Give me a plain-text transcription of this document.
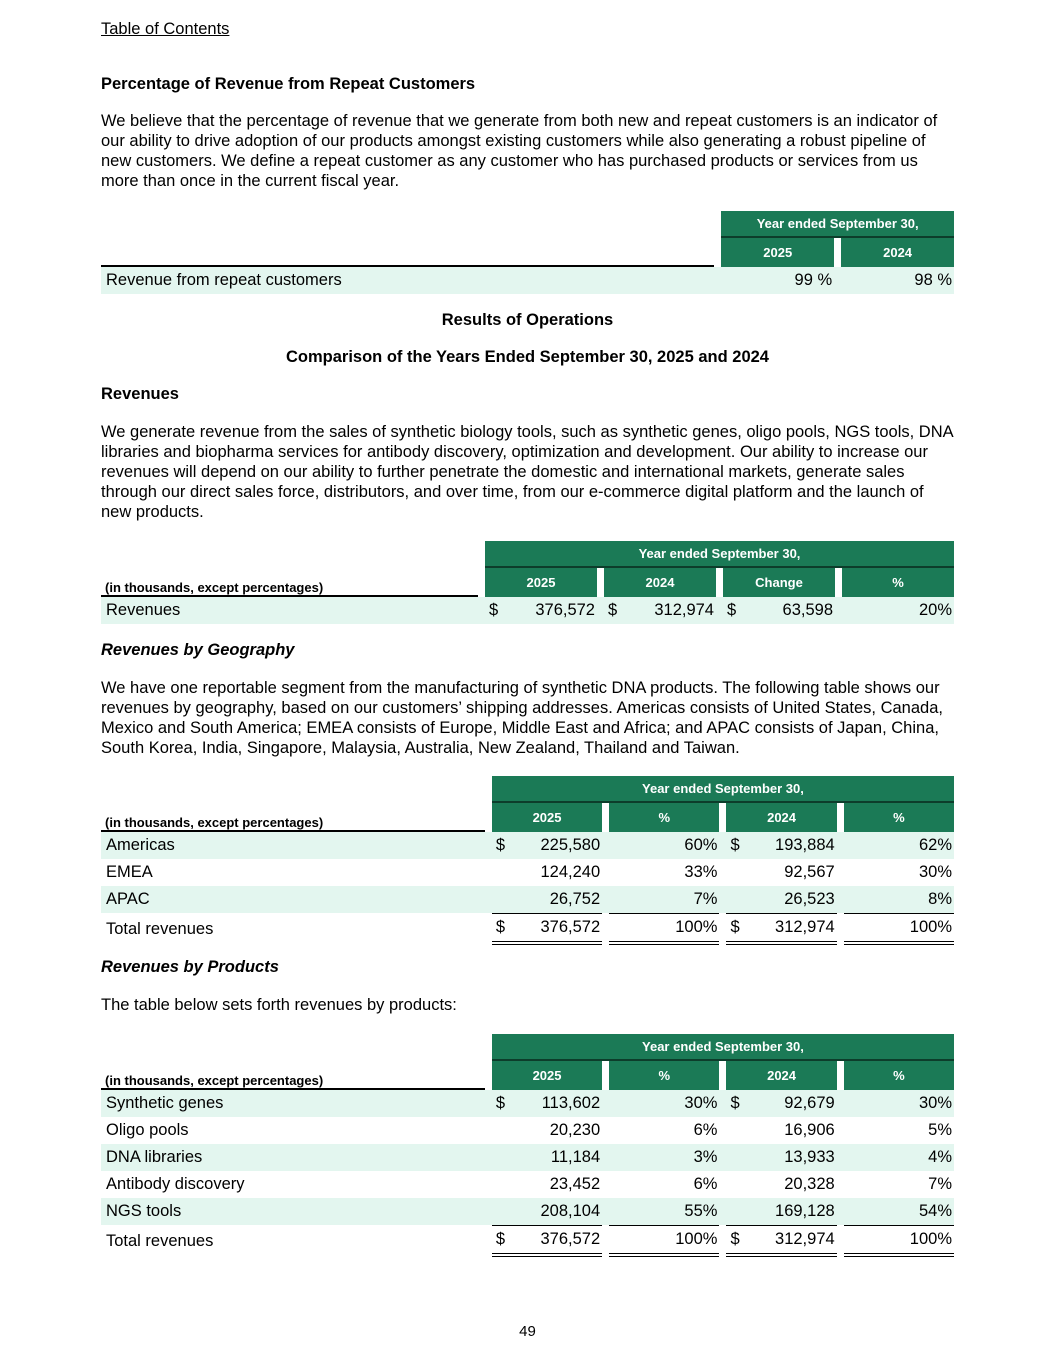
Table of Contents
Percentage of Revenue from Repeat Customers
We believe that the percentage of revenue that we generate from both new and repeat customers is an indicator of our ability to drive adoption of our products amongst existing customers while also generating a robust pipeline of new customers. We define a repeat customer as any customer who has purchased products or services from us more than once in the current fiscal year.
		Year ended September 30,		
		2025		2024
Revenue from repeat customers		99 %		98 %
Results of Operations
Comparison of the Years Ended September 30, 2025 and 2024
Revenues
We generate revenue from the sales of synthetic biology tools, such as synthetic genes, oligo pools, NGS tools, DNA libraries and biopharma services for antibody discovery, optimization and development. Our ability to increase our revenues will depend on our ability to further penetrate the domestic and international markets, generate sales through our direct sales force, distributors, and over time, from our e-commerce digital platform and the launch of new products.
		Year ended September 30,						
(in thousands, except percentages)		2025		2024		Change		%
Revenues		$ 376,572		$ 312,974		$ 63,598		20%
Revenues by Geography
We have one reportable segment from the manufacturing of synthetic DNA products. The following table shows our revenues by geography, based on our customers’ shipping addresses. Americas consists of United States, Canada, Mexico and South America; EMEA consists of Europe, Middle East and Africa; and APAC consists of Japan, China, South Korea, India, Singapore, Malaysia, Australia, New Zealand, Thailand and Taiwan.
		Year ended September 30,						
(in thousands, except percentages)		2025		%		2024		%
Americas		$ 225,580		60%		$ 193,884		62%
EMEA		124,240		33%		92,567		30%
APAC		26,752		7%		26,523		8%
Total revenues		$ 376,572		100%		$ 312,974		100%
Revenues by Products
The table below sets forth revenues by products:
		Year ended September 30,						
(in thousands, except percentages)		2025		%		2024		%
Synthetic genes		$ 113,602		30%		$ 92,679		30%
Oligo pools		20,230		6%		16,906		5%
DNA libraries		11,184		3%		13,933		4%
Antibody discovery		23,452		6%		20,328		7%
NGS tools		208,104		55%		169,128		54%
Total revenues		$ 376,572		100%		$ 312,974		100%
49
